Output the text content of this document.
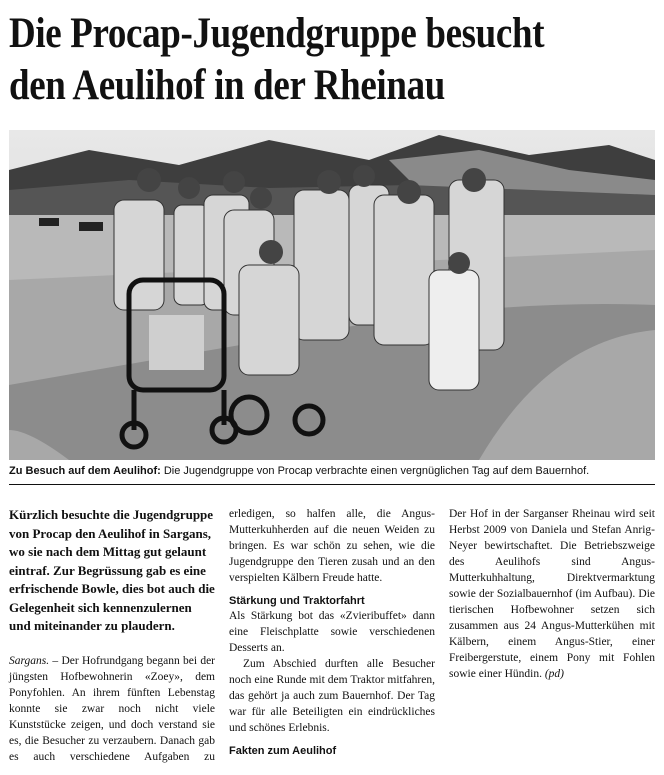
Die Procap-Jugendgruppe besucht
den Aeulihof in der Rheinau
Zu Besuch auf dem Aeulihof: Die Jugendgruppe von Procap verbrachte einen vergnüglichen Tag auf dem Bauernhof.

Kürzlich besuchte die Jugendgruppe von Procap den Aeulihof in Sargans, wo sie nach dem Mittag gut gelaunt eintraf. Zur Begrüssung gab es eine erfrischende Bowle, dies bot auch die Gelegenheit sich kennenzulernen und miteinander zu plaudern.

Sargans. – Der Hofrundgang begann bei der jüngsten Hofbewohnerin «Zoey», dem Ponyfohlen. An ihrem fünften Lebenstag konnte sie zwar noch nicht viele Kunststücke zeigen, und doch verstand sie es, die Besucher zu verzaubern. Danach gab es auch verschiedene Aufgaben zu erledigen, so halfen alle, die Angus-Mutterkuhherden auf die neuen Weiden zu bringen. Es war schön zu sehen, wie die Jugendgruppe den Tieren zusah und an den verspielten Kälbern Freude hatte.

Stärkung und Traktorfahrt

Als Stärkung bot das «Zvieribuffet» dann eine Fleischplatte sowie verschiedenen Desserts an.

Zum Abschied durften alle Besucher noch eine Runde mit dem Traktor mitfahren, das gehört ja auch zum Bauernhof. Der Tag war für alle Beteiligten ein eindrückliches und schönes Erlebnis.

Fakten zum Aeulihof

Der Hof in der Sarganser Rheinau wird seit Herbst 2009 von Daniela und Stefan Anrig-Neyer bewirtschaftet. Die Betriebszweige des Aeulihofs sind Angus-Mutterkuhhaltung, Direktvermarktung sowie der Sozialbauernhof (im Aufbau). Die tierischen Hofbewohner setzen sich zusammen aus 24 Angus-Mutterkühen mit Kälbern, einem Angus-Stier, einer Freibergerstute, einem Pony mit Fohlen sowie einer Hündin. (pd)
